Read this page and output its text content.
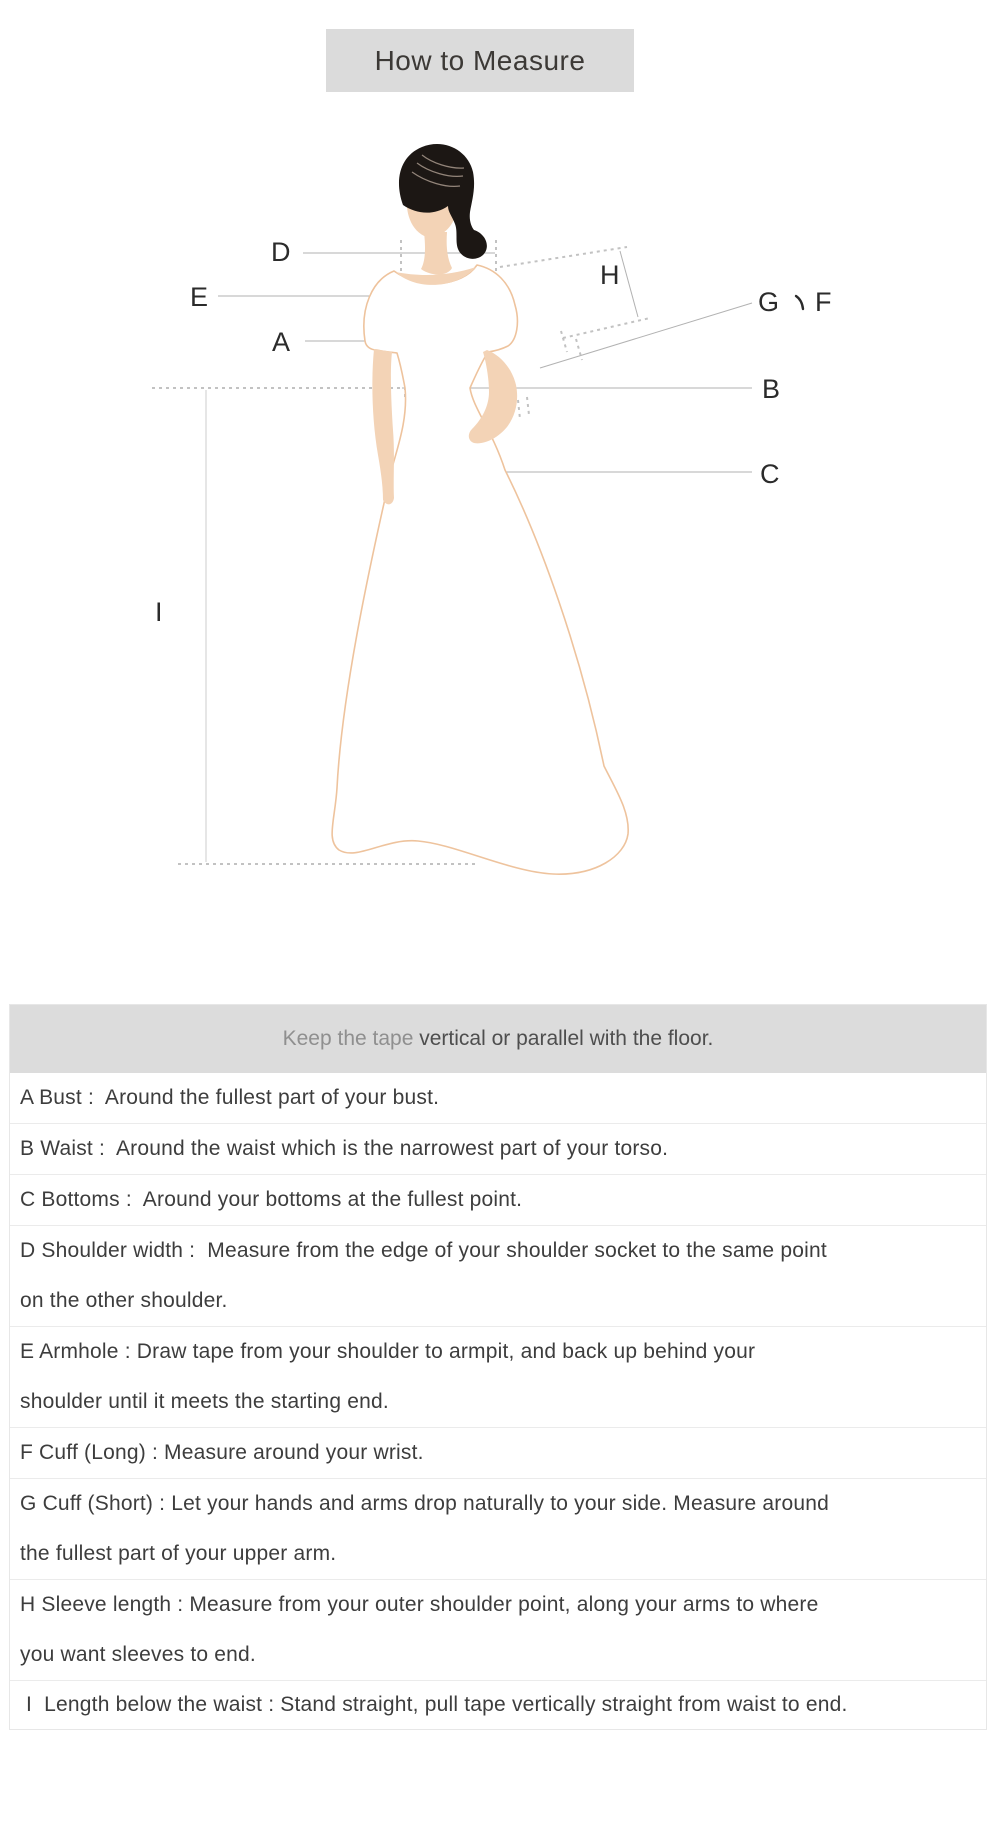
How to Measure
D
E
A
H
G F
B
C
I
Keep the tape vertical or parallel with the floor.
A Bust :  Around the fullest part of your bust.
B Waist :  Around the waist which is the narrowest part of your torso.
C Bottoms :  Around your bottoms at the fullest point.
D Shoulder width :  Measure from the edge of your shoulder socket to the same point
on the other shoulder.
E Armhole : Draw tape from your shoulder to armpit, and back up behind your
shoulder until it meets the starting end.
F Cuff (Long) : Measure around your wrist.
G Cuff (Short) : Let your hands and arms drop naturally to your side. Measure around
the fullest part of your upper arm.
H Sleeve length : Measure from your outer shoulder point, along your arms to where
you want sleeves to end.
I  Length below the waist : Stand straight, pull tape vertically straight from waist to end.
